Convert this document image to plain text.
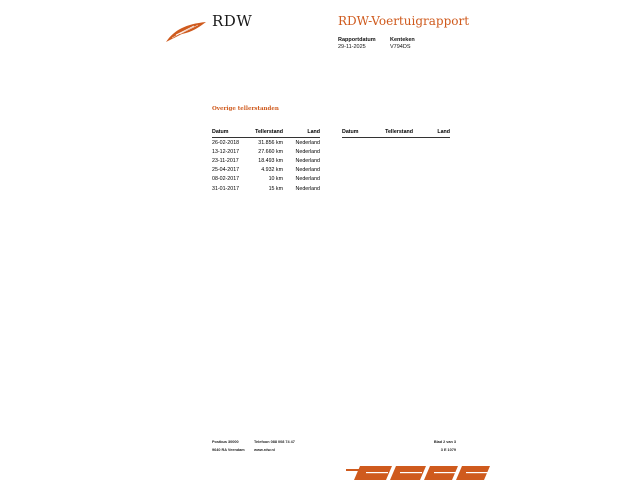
RDW	RDW-Voertuigrapport
Rapportdatum
29-11-2025
Kenteken
V794DS
Overige tellerstanden
Datum	Tellerstand	Land
26-02-2018	31.856 km	Nederland
13-12-2017	27.660 km	Nederland
23-11-2017	18.493 km	Nederland
25-04-2017	4.932 km	Nederland
08-02-2017	10 km	Nederland
31-01-2017	15 km	Nederland
Datum	Tellerstand	Land
Postbus 30000
9640 RA Veendam
Telefoon 088 008 74 47
www.rdw.nl
Blad 2 van 3
3 E 1079
